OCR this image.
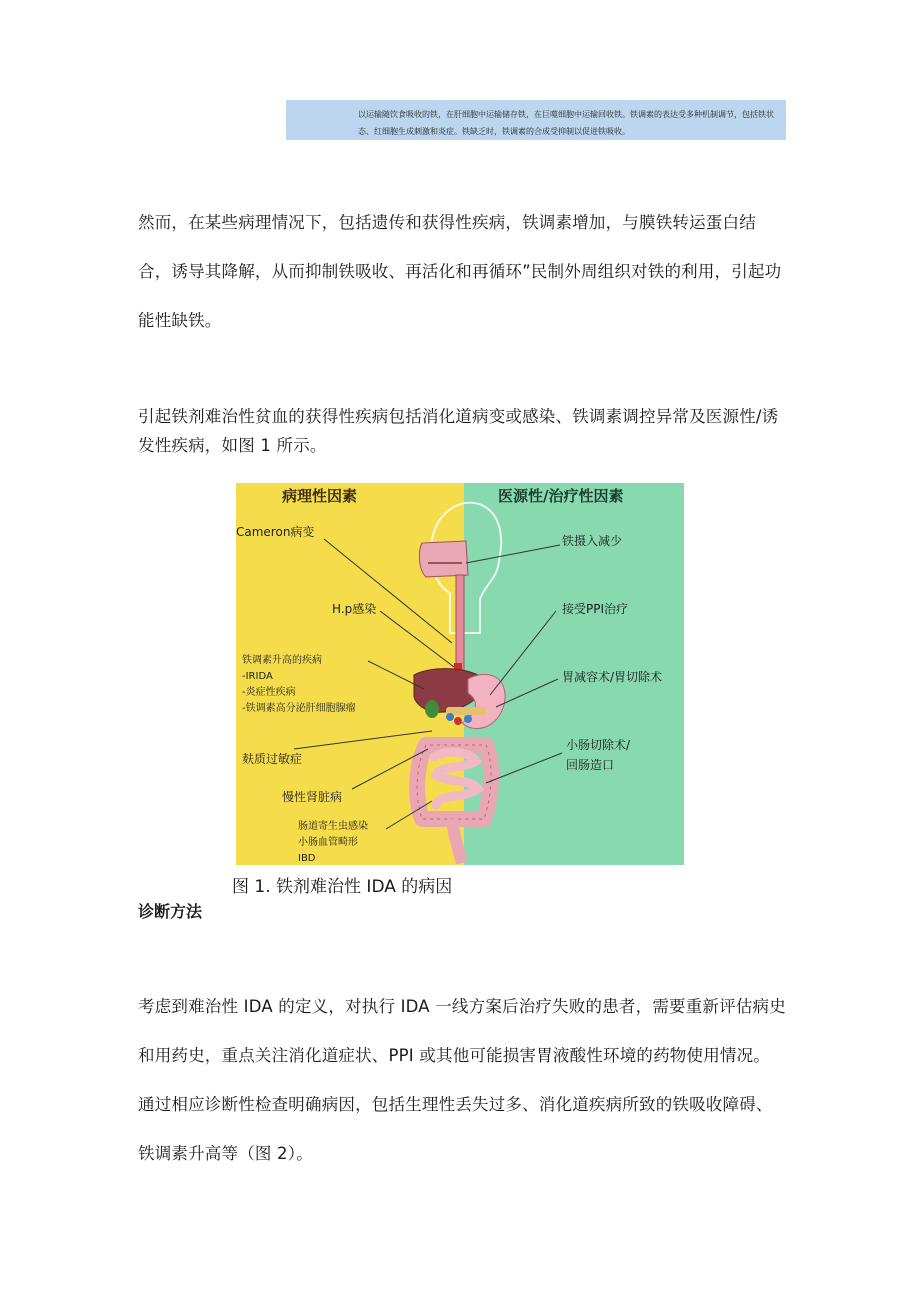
以运输随饮食吸收的铁，在肝细胞中运输储存铁，在巨噬细胞中运输回收铁。铁调素的表达受多种机制调节，包括铁状态、红细胞生成刺激和炎症。铁缺乏时，铁调素的合成受抑制以促进铁吸收。

然而，在某些病理情况下，包括遗传和获得性疾病，铁调素增加，与膜铁转运蛋白结合，诱导其降解，从而抑制铁吸收、再活化和再循环”民制外周组织对铁的利用，引起功能性缺铁。

引起铁剂难治性贫血的获得性疾病包括消化道病变或感染、铁调素调控异常及医源性/诱发性疾病，如图 1 所示。

病理性因素	医源性/治疗性因素
Cameron病变
H.p感染
铁调素升高的疾病
-IRIDA
-炎症性疾病
-铁调素高分泌肝细胞腺瘤
麸质过敏症
慢性肾脏病
肠道寄生虫感染
小肠血管畸形
IBD
铁摄入减少
接受PPI治疗
胃减容术/胃切除术
小肠切除术/
回肠造口
图 1. 铁剂难治性 IDA 的病因
诊断方法

考虑到难治性 IDA 的定义，对执行 IDA 一线方案后治疗失败的患者，需要重新评估病史和用药史，重点关注消化道症状、PPI 或其他可能损害胃液酸性环境的药物使用情况。通过相应诊断性检查明确病因，包括生理性丢失过多、消化道疾病所致的铁吸收障碍、铁调素升高等（图 2）。
